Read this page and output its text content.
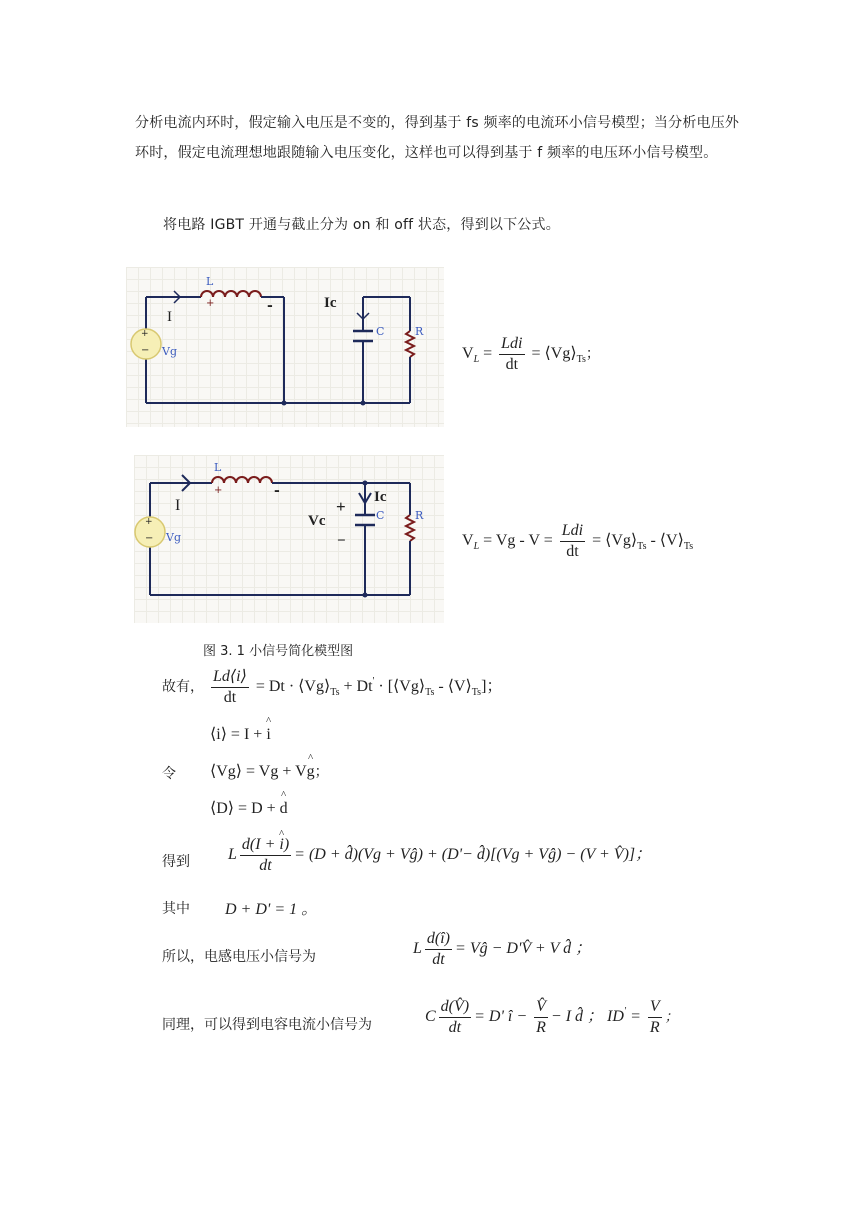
分析电流内环时，假定输入电压是不变的，得到基于 fs 频率的电流环小信号模型；当分析电压外环时，假定电流理想地跟随输入电压变化，这样也可以得到基于 f 频率的电压环小信号模型。
将电路 IGBT 开通与截止分为 on 和 off 状态，得到以下公式。
L
+	-
I
Ic
C	R
Vg
+
−	$V_L = \frac{\text{Ldi}}{dt}$ = $⟨Vg⟩_{Ts}$；
L
+	-
I	Ic
Vc
+
−
C	R
Vg
+
−	$V_L = Vg - V = \frac{\text{Ldi}}{dt}$ = $⟨Vg⟩_{Ts}$ - $⟨V⟩_{Ts}$
图 3. 1 小信号简化模型图
故有， $\frac{Ld⟨i⟩}{dt} = Dt$ · $⟨Vg⟩_{Ts} + Dt'$ · [$⟨Vg⟩_{Ts}$ - $⟨V⟩_{Ts}$]；
⟨i⟩ = I + ^ i
令 ⟨Vg⟩ = Vg + V^ g；
⟨D⟩ = D + ^ d
得到 L $\frac{d(I + \^{} i)}{dt} = (D$ + d̂)(Vg + Vĝ) + (D'− d̂)[(Vg + Vĝ) − (V + V̂)]；
其中 D + D' = 1 。
所以，电感电压小信号为	L $\frac{d(î)}{dt}$ = Vĝ − D'V̂ + V d̂ ；
同理，可以得到电容电流小信号为	C $\frac{d(V̂)}{dt} = D'$ î − $\frac{V̂}{R} - I$ d̂ ； $ID' = \frac{V}{R}$ ；
